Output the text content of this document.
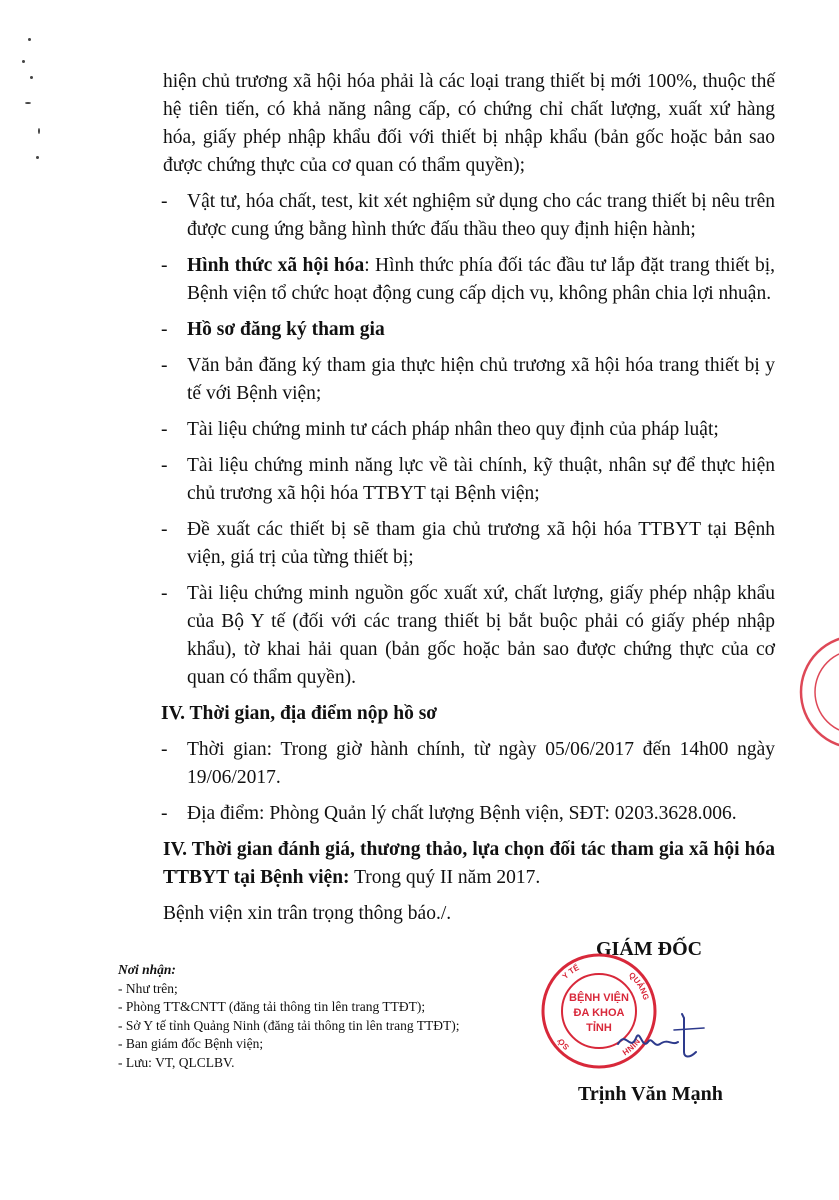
hiện chủ trương xã hội hóa phải là các loại trang thiết bị mới 100%, thuộc thế hệ tiên tiến, có khả năng nâng cấp, có chứng chỉ chất lượng, xuất xứ hàng hóa, giấy phép nhập khẩu đối với thiết bị nhập khẩu (bản gốc hoặc bản sao được chứng thực của cơ quan có thẩm quyền);

- Vật tư, hóa chất, test, kit xét nghiệm sử dụng cho các trang thiết bị nêu trên được cung ứng bằng hình thức đấu thầu theo quy định hiện hành;

- Hình thức xã hội hóa: Hình thức phía đối tác đầu tư lắp đặt trang thiết bị, Bệnh viện tổ chức hoạt động cung cấp dịch vụ, không phân chia lợi nhuận.

- Hồ sơ đăng ký tham gia

- Văn bản đăng ký tham gia thực hiện chủ trương xã hội hóa trang thiết bị y tế với Bệnh viện;

- Tài liệu chứng minh tư cách pháp nhân theo quy định của pháp luật;

- Tài liệu chứng minh năng lực về tài chính, kỹ thuật, nhân sự để thực hiện chủ trương xã hội hóa TTBYT tại Bệnh viện;

- Đề xuất các thiết bị sẽ tham gia chủ trương xã hội hóa TTBYT tại Bệnh viện, giá trị của từng thiết bị;

- Tài liệu chứng minh nguồn gốc xuất xứ, chất lượng, giấy phép nhập khẩu của Bộ Y tế (đối với các trang thiết bị bắt buộc phải có giấy phép nhập khẩu), tờ khai hải quan (bản gốc hoặc bản sao được chứng thực của cơ quan có thẩm quyền).

IV. Thời gian, địa điểm nộp hồ sơ

- Thời gian: Trong giờ hành chính, từ ngày 05/06/2017 đến 14h00 ngày 19/06/2017.

- Địa điểm: Phòng Quản lý chất lượng Bệnh viện, SĐT: 0203.3628.006.

IV. Thời gian đánh giá, thương thảo, lựa chọn đối tác tham gia xã hội hóa TTBYT tại Bệnh viện: Trong quý II năm 2017.

Bệnh viện xin trân trọng thông báo./.

Nơi nhận:
- Như trên;
- Phòng TT&CNTT (đăng tải thông tin lên trang TTĐT);
- Sở Y tế tỉnh Quảng Ninh (đăng tải thông tin lên trang TTĐT);
- Ban giám đốc Bệnh viện;
- Lưu: VT, QLCLBV.
GIÁM ĐỐC
Y TẾ
QUẢNG
NINH
SỞ
BỆNH VIỆN
ĐA KHOA
TỈNH
Trịnh Văn Mạnh
